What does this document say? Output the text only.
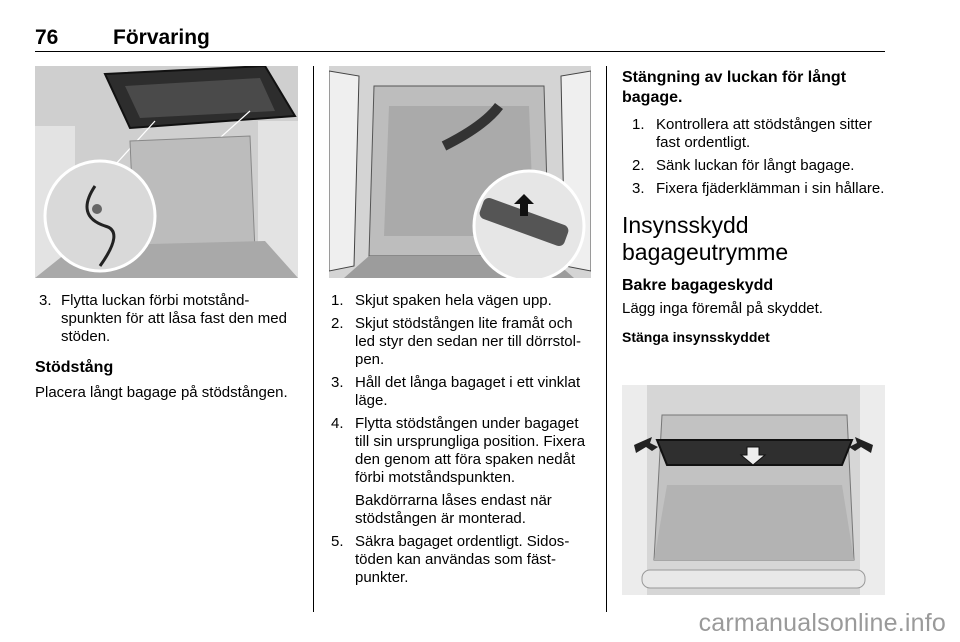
76	Förvaring
3. Flytta luckan förbi motståndspunkten för att låsa fast den med stöden.
Stödstång
Placera långt bagage på stödstången.
1. Skjut spaken hela vägen upp.
2. Skjut stödstången lite framåt och led styr den sedan ner till dörrstolpen.
3. Håll det långa bagaget i ett vinklat läge.
4. Flytta stödstången under bagaget till sin ursprungliga position. Fixera den genom att föra spaken nedåt förbi motståndspunkten.

Bakdörrarna låses endast när stödstången är monterad.

5. Säkra bagaget ordentligt. Sidostöden kan användas som fästpunkter.
Stängning av luckan för långt bagage.
1. Kontrollera att stödstången sitter fast ordentligt.
2. Sänk luckan för långt bagage.
3. Fixera fjäderklämman i sin hållare.
Insynsskydd bagageutrymme
Bakre bagageskydd
Lägg inga föremål på skyddet.
Stänga insynsskyddet
carmanualsonline.info
